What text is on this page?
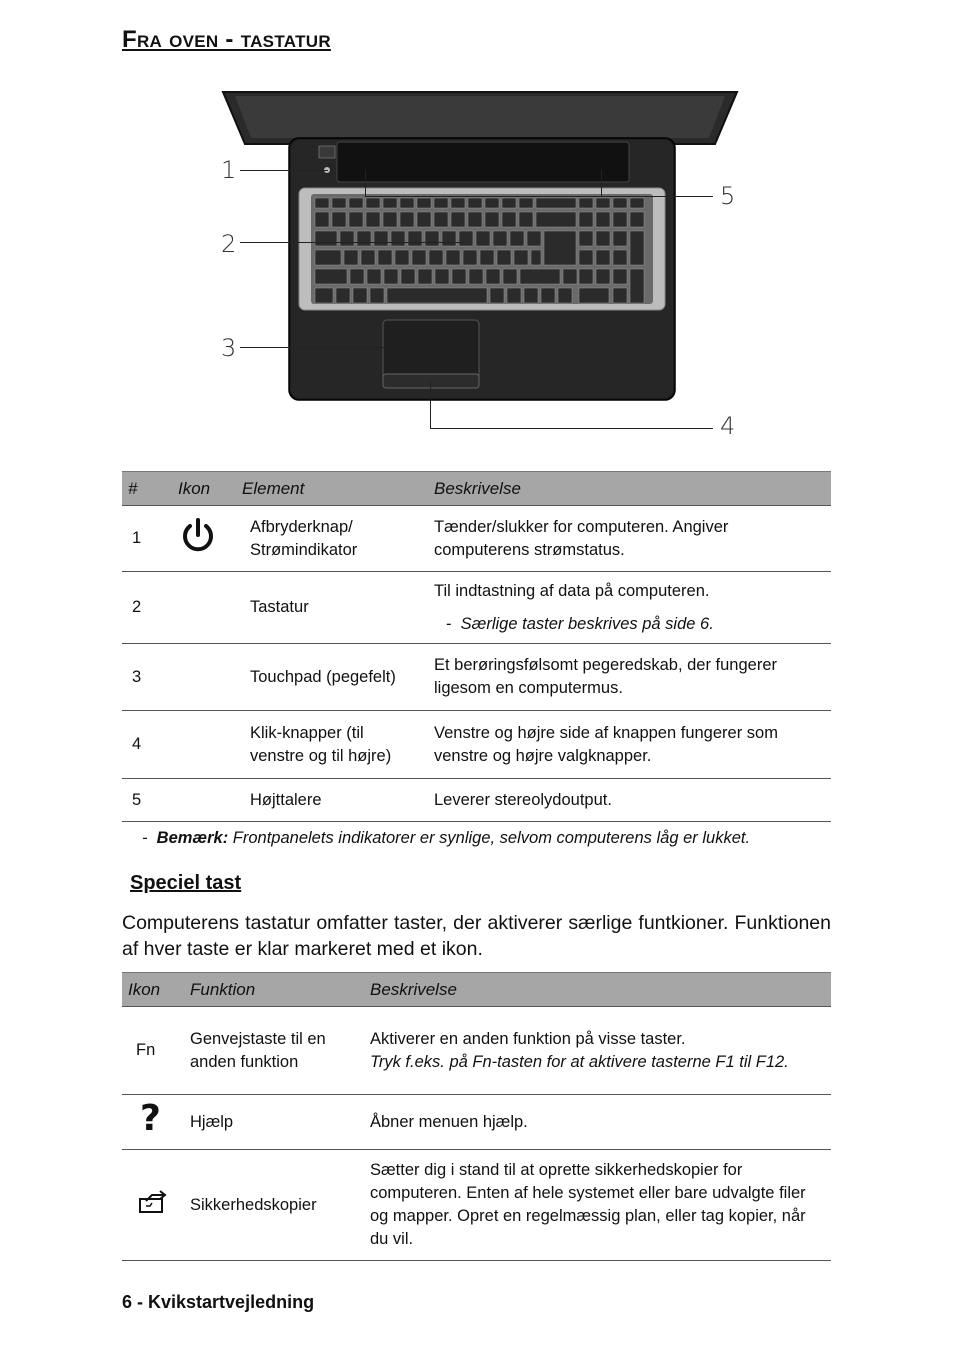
Fra oven - tastatur
1
2
3
4
5
#	Ikon	Element	Beskrivelse
1		Afbryderknap/ Strømindikator	Tænder/slukker for computeren. Angiver computerens strømstatus.
2		Tastatur	Til indtastning af data på computeren.
-  Særlige taster beskrives på side 6.

3		Touchpad (pegefelt)	Et berøringsfølsomt pegeredskab, der fungerer ligesom en computermus.
4		Klik-knapper (til venstre og til højre)	Venstre og højre side af knappen fungerer som venstre og højre valgknapper.
5		Højttalere	Leverer stereolydoutput.
-  Bemærk: Frontpanelets indikatorer er synlige, selvom computerens låg er lukket.
Speciel tast
Computerens tastatur omfatter taster, der aktiverer særlige funtkioner. Funktionen af hver taste er klar markeret med et ikon.
Ikon	Funktion	Beskrivelse
Fn	Genvejstaste til en anden funktion	Aktiverer en anden funktion på visse taster.
Tryk f.eks. på Fn-tasten for at aktivere tasterne F1 til F12.

?	Hjælp	Åbner menuen hjælp.
	Sikkerhedskopier	Sætter dig i stand til at oprette sikkerhedskopier for computeren. Enten af hele systemet eller bare udvalgte filer og mapper. Opret en regelmæssig plan, eller tag kopier, når du vil.
6 - Kvikstartvejledning
